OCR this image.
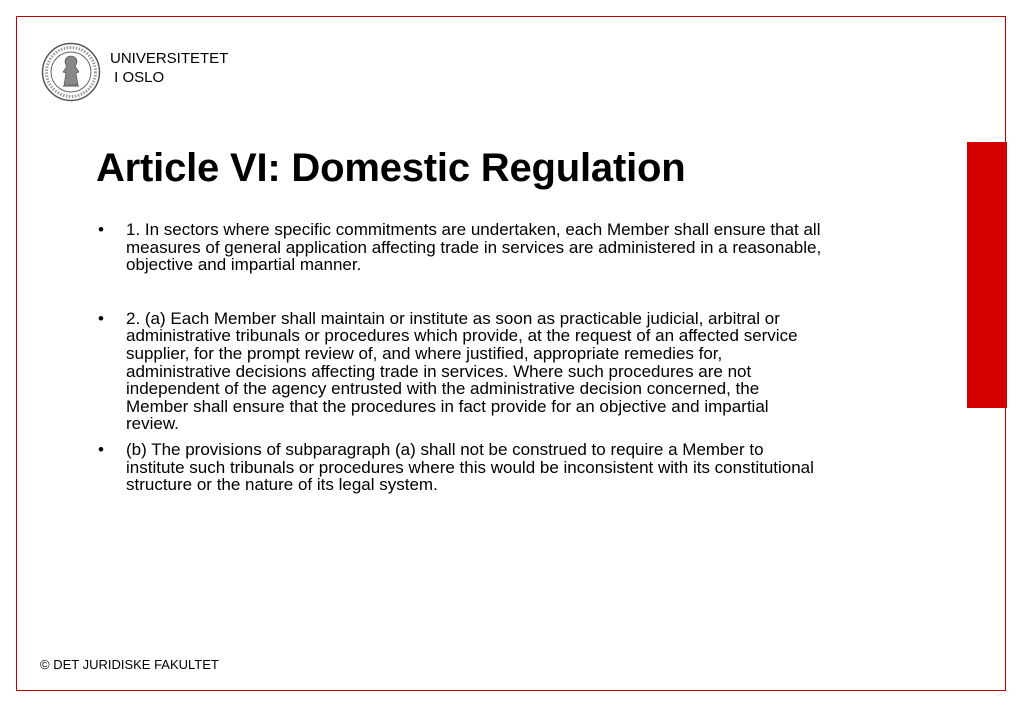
UNIVERSITETET
I OSLO
Article VI: Domestic Regulation
• 1. In sectors where specific commitments are undertaken, each Member shall ensure that all measures of general application affecting trade in services are administered in a reasonable, objective and impartial manner.
• 2. (a) Each Member shall maintain or institute as soon as practicable judicial, arbitral or administrative tribunals or procedures which provide, at the request of an affected service supplier, for the prompt review of, and where justified, appropriate remedies for, administrative decisions affecting trade in services. Where such procedures are not independent of the agency entrusted with the administrative decision concerned, the Member shall ensure that the procedures in fact provide for an objective and impartial review.
• (b) The provisions of subparagraph (a) shall not be construed to require a Member to institute such tribunals or procedures where this would be inconsistent with its constitutional structure or the nature of its legal system.
© DET JURIDISKE FAKULTET
